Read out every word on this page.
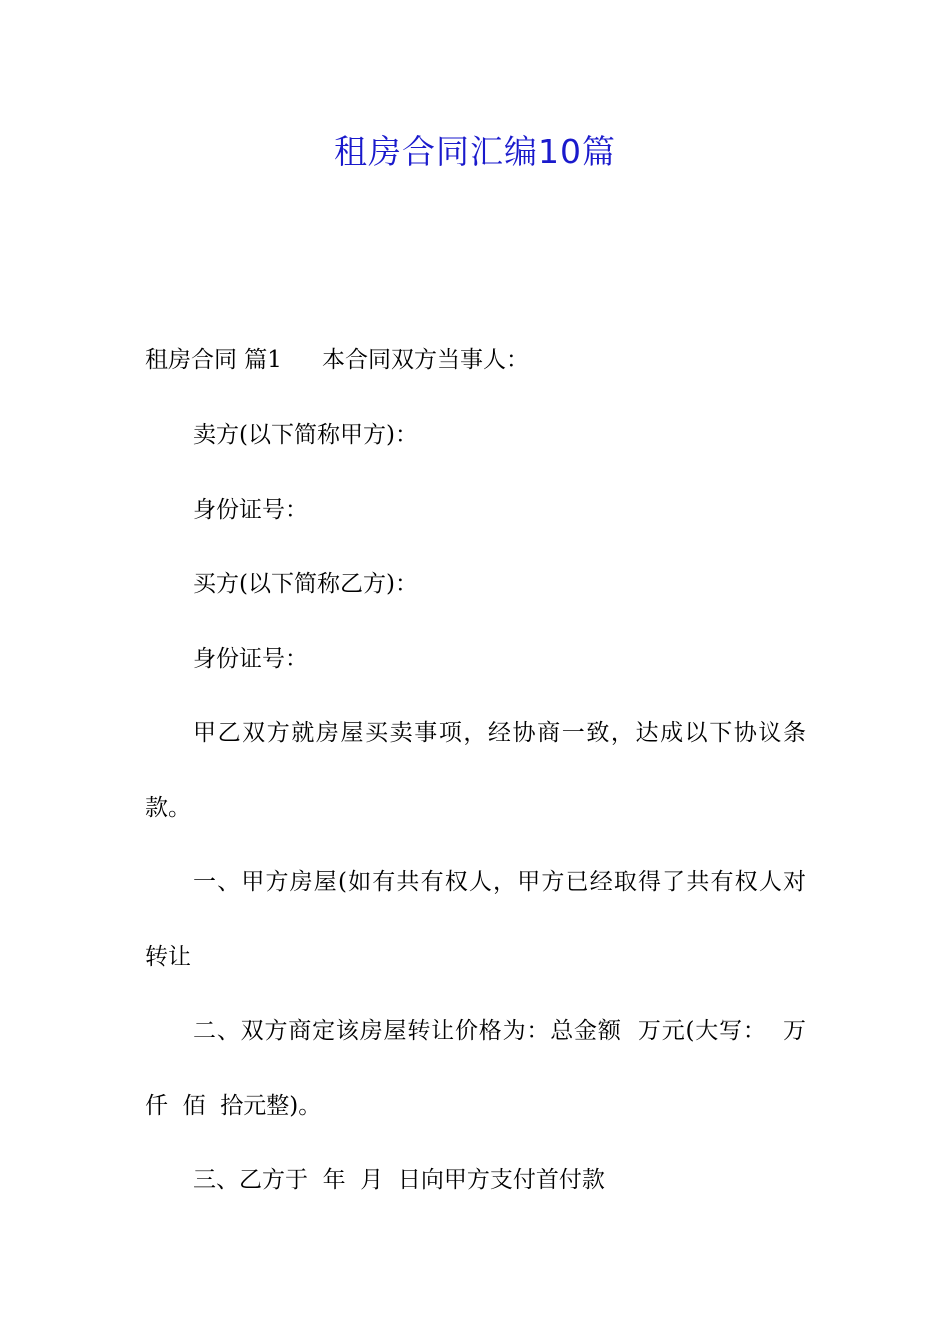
租房合同汇编10篇
租房合同 篇1 本合同双方当事人：
卖方(以下简称甲方)：
身份证号：
买方(以下简称乙方)：
身份证号：
甲乙双方就房屋买卖事项，经协商一致，达成以下协议条
款。
一、甲方房屋(如有共有权人，甲方已经取得了共有权人对
转让
二、双方商定该房屋转让价格为：总金额  万元(大写：  万
仟  佰  拾元整)。
三、乙方于  年  月  日向甲方支付首付款
